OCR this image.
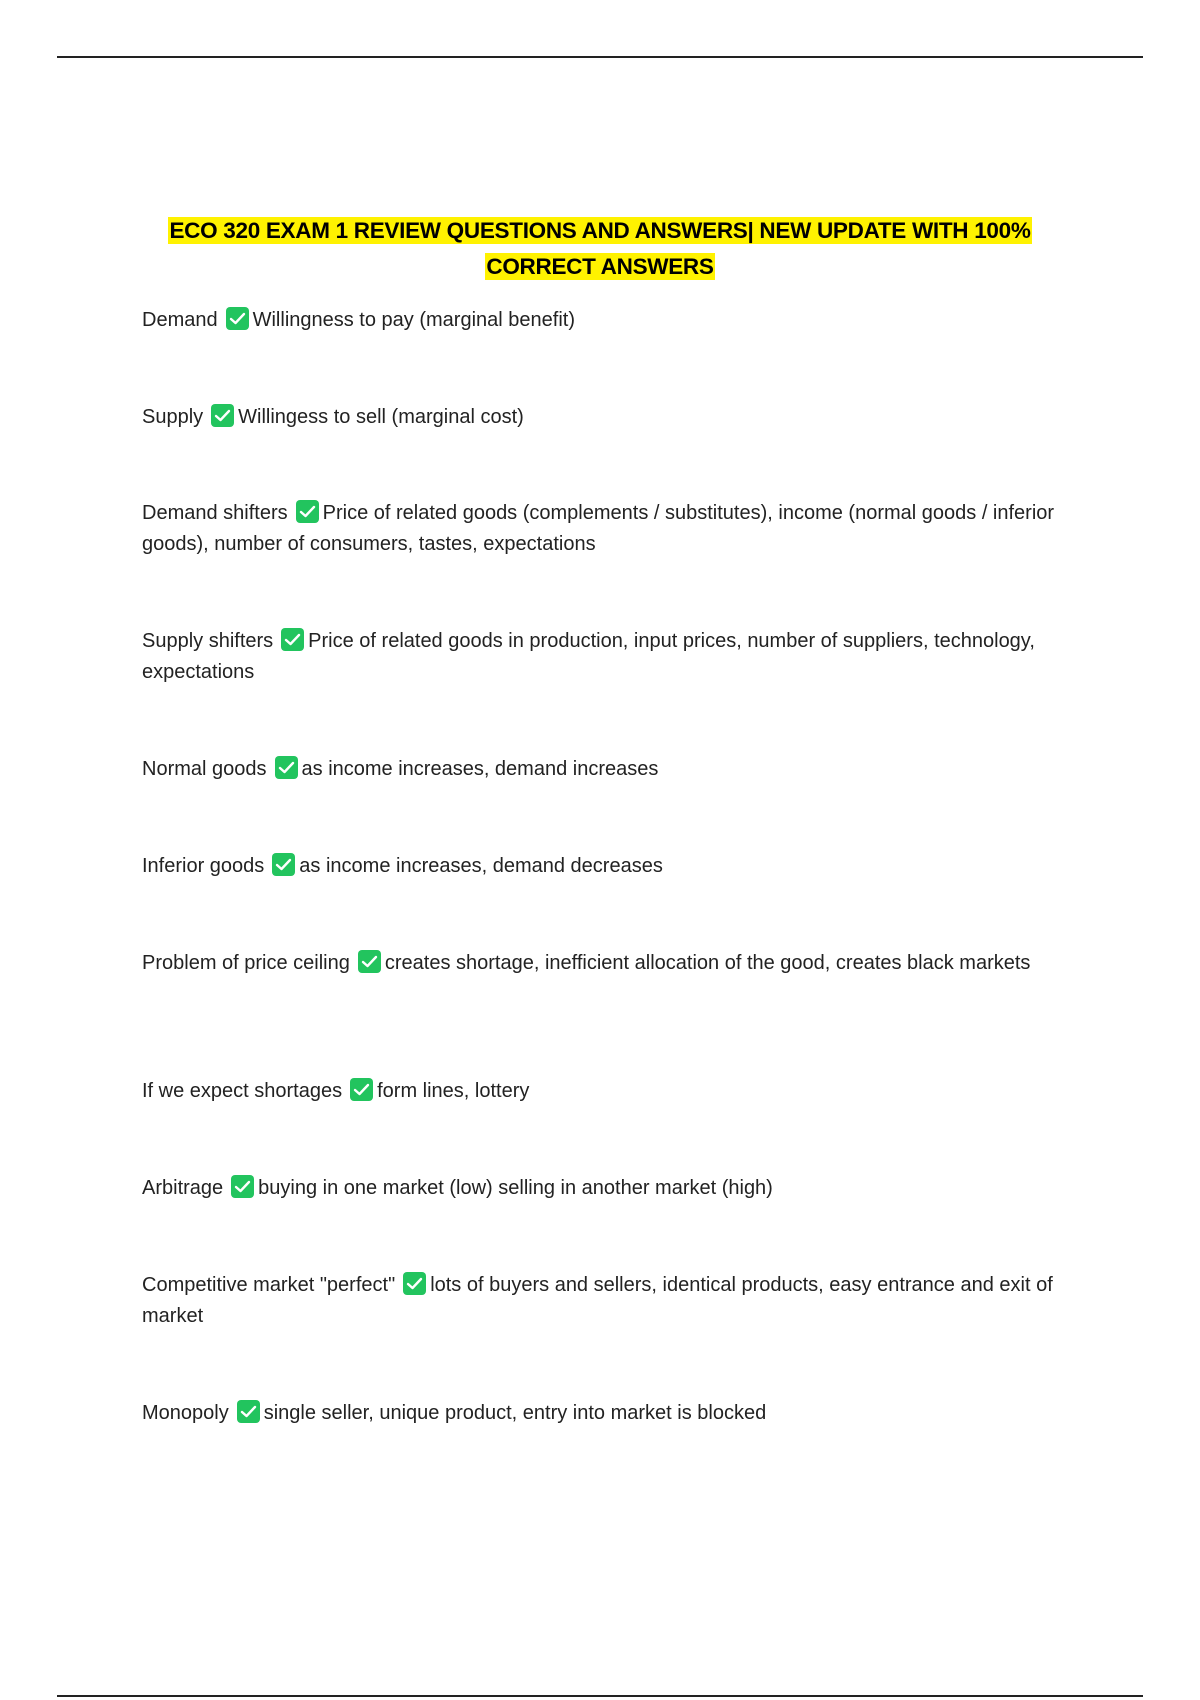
ECO 320 EXAM 1 REVIEW QUESTIONS AND ANSWERS| NEW UPDATE WITH 100% CORRECT ANSWERS
Demand Willingness to pay (marginal benefit)
Supply Willingess to sell (marginal cost)
Demand shifters Price of related goods (complements / substitutes), income (normal goods / inferior goods), number of consumers, tastes, expectations
Supply shifters Price of related goods in production, input prices, number of suppliers, technology, expectations
Normal goods as income increases, demand increases
Inferior goods as income increases, demand decreases
Problem of price ceiling creates shortage, inefficient allocation of the good, creates black markets
If we expect shortages form lines, lottery
Arbitrage buying in one market (low) selling in another market (high)
Competitive market "perfect" lots of buyers and sellers, identical products, easy entrance and exit of market
Monopoly single seller, unique product, entry into market is blocked
